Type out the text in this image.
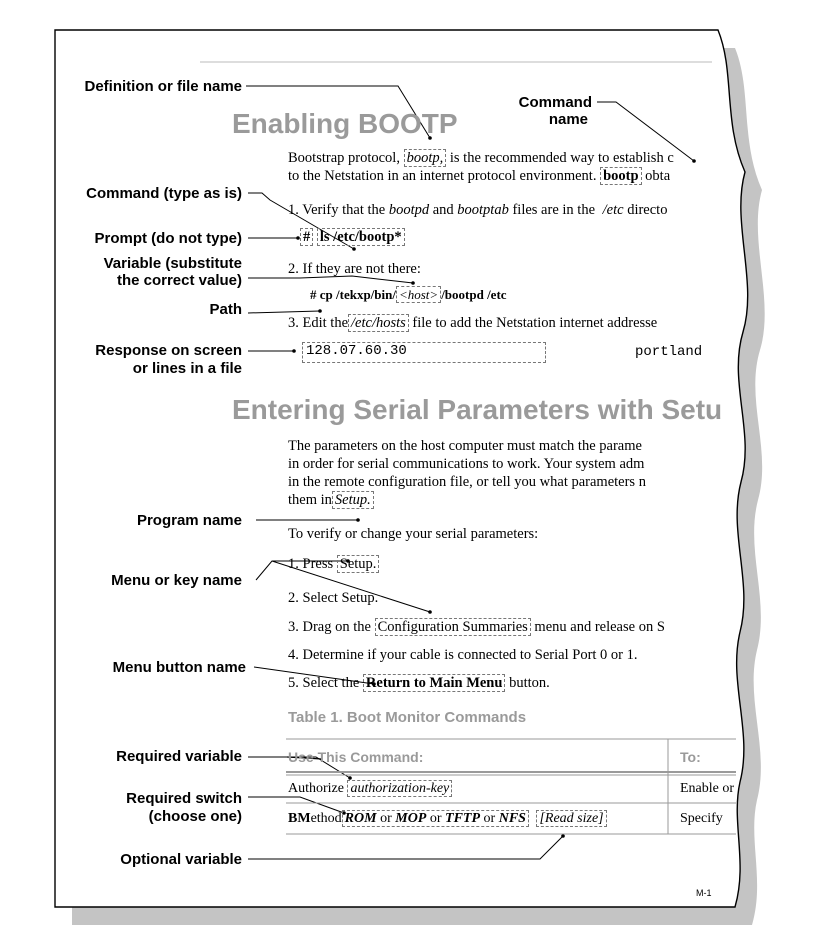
Definition or file name
Command
name
Command (type as is)
Prompt (do not type)
Variable (substitute
the correct value)
Path
Response on screen
or lines in a file
Program name
Menu or key name
Menu button name
Required variable
Required switch
(choose one)
Optional variable
Enabling BOOTP
Bootstrap protocol, bootp, is the recommended way to establish c
to the Netstation in an internet protocol environment. bootp obta
1. Verify that the bootpd and bootptab files are in the /etc directo
# ls /etc/bootp*
2. If they are not there:
# cp /tekxp/bin/ <host> /bootpd /etc
3. Edit the /etc/hosts file to add the Netstation internet addresse
128.07.60.30	portland
Entering Serial Parameters with Setu
The parameters on the host computer must match the parame
in order for serial communications to work. Your system adm
in the remote configuration file, or tell you what parameters n
them in Setup.
To verify or change your serial parameters:
1. Press Setup.
2. Select Setup.
3. Drag on the Configuration Summaries menu and release on S
4. Determine if your cable is connected to Serial Port 0 or 1.
5. Select the Return to Main Menu button.
Table 1. Boot Monitor Commands
Use This Command:	To:
Authorize authorization-key	Enable or
BMethod ROM or MOP or TFTP or NFS [Read size]	Specify
M-1
